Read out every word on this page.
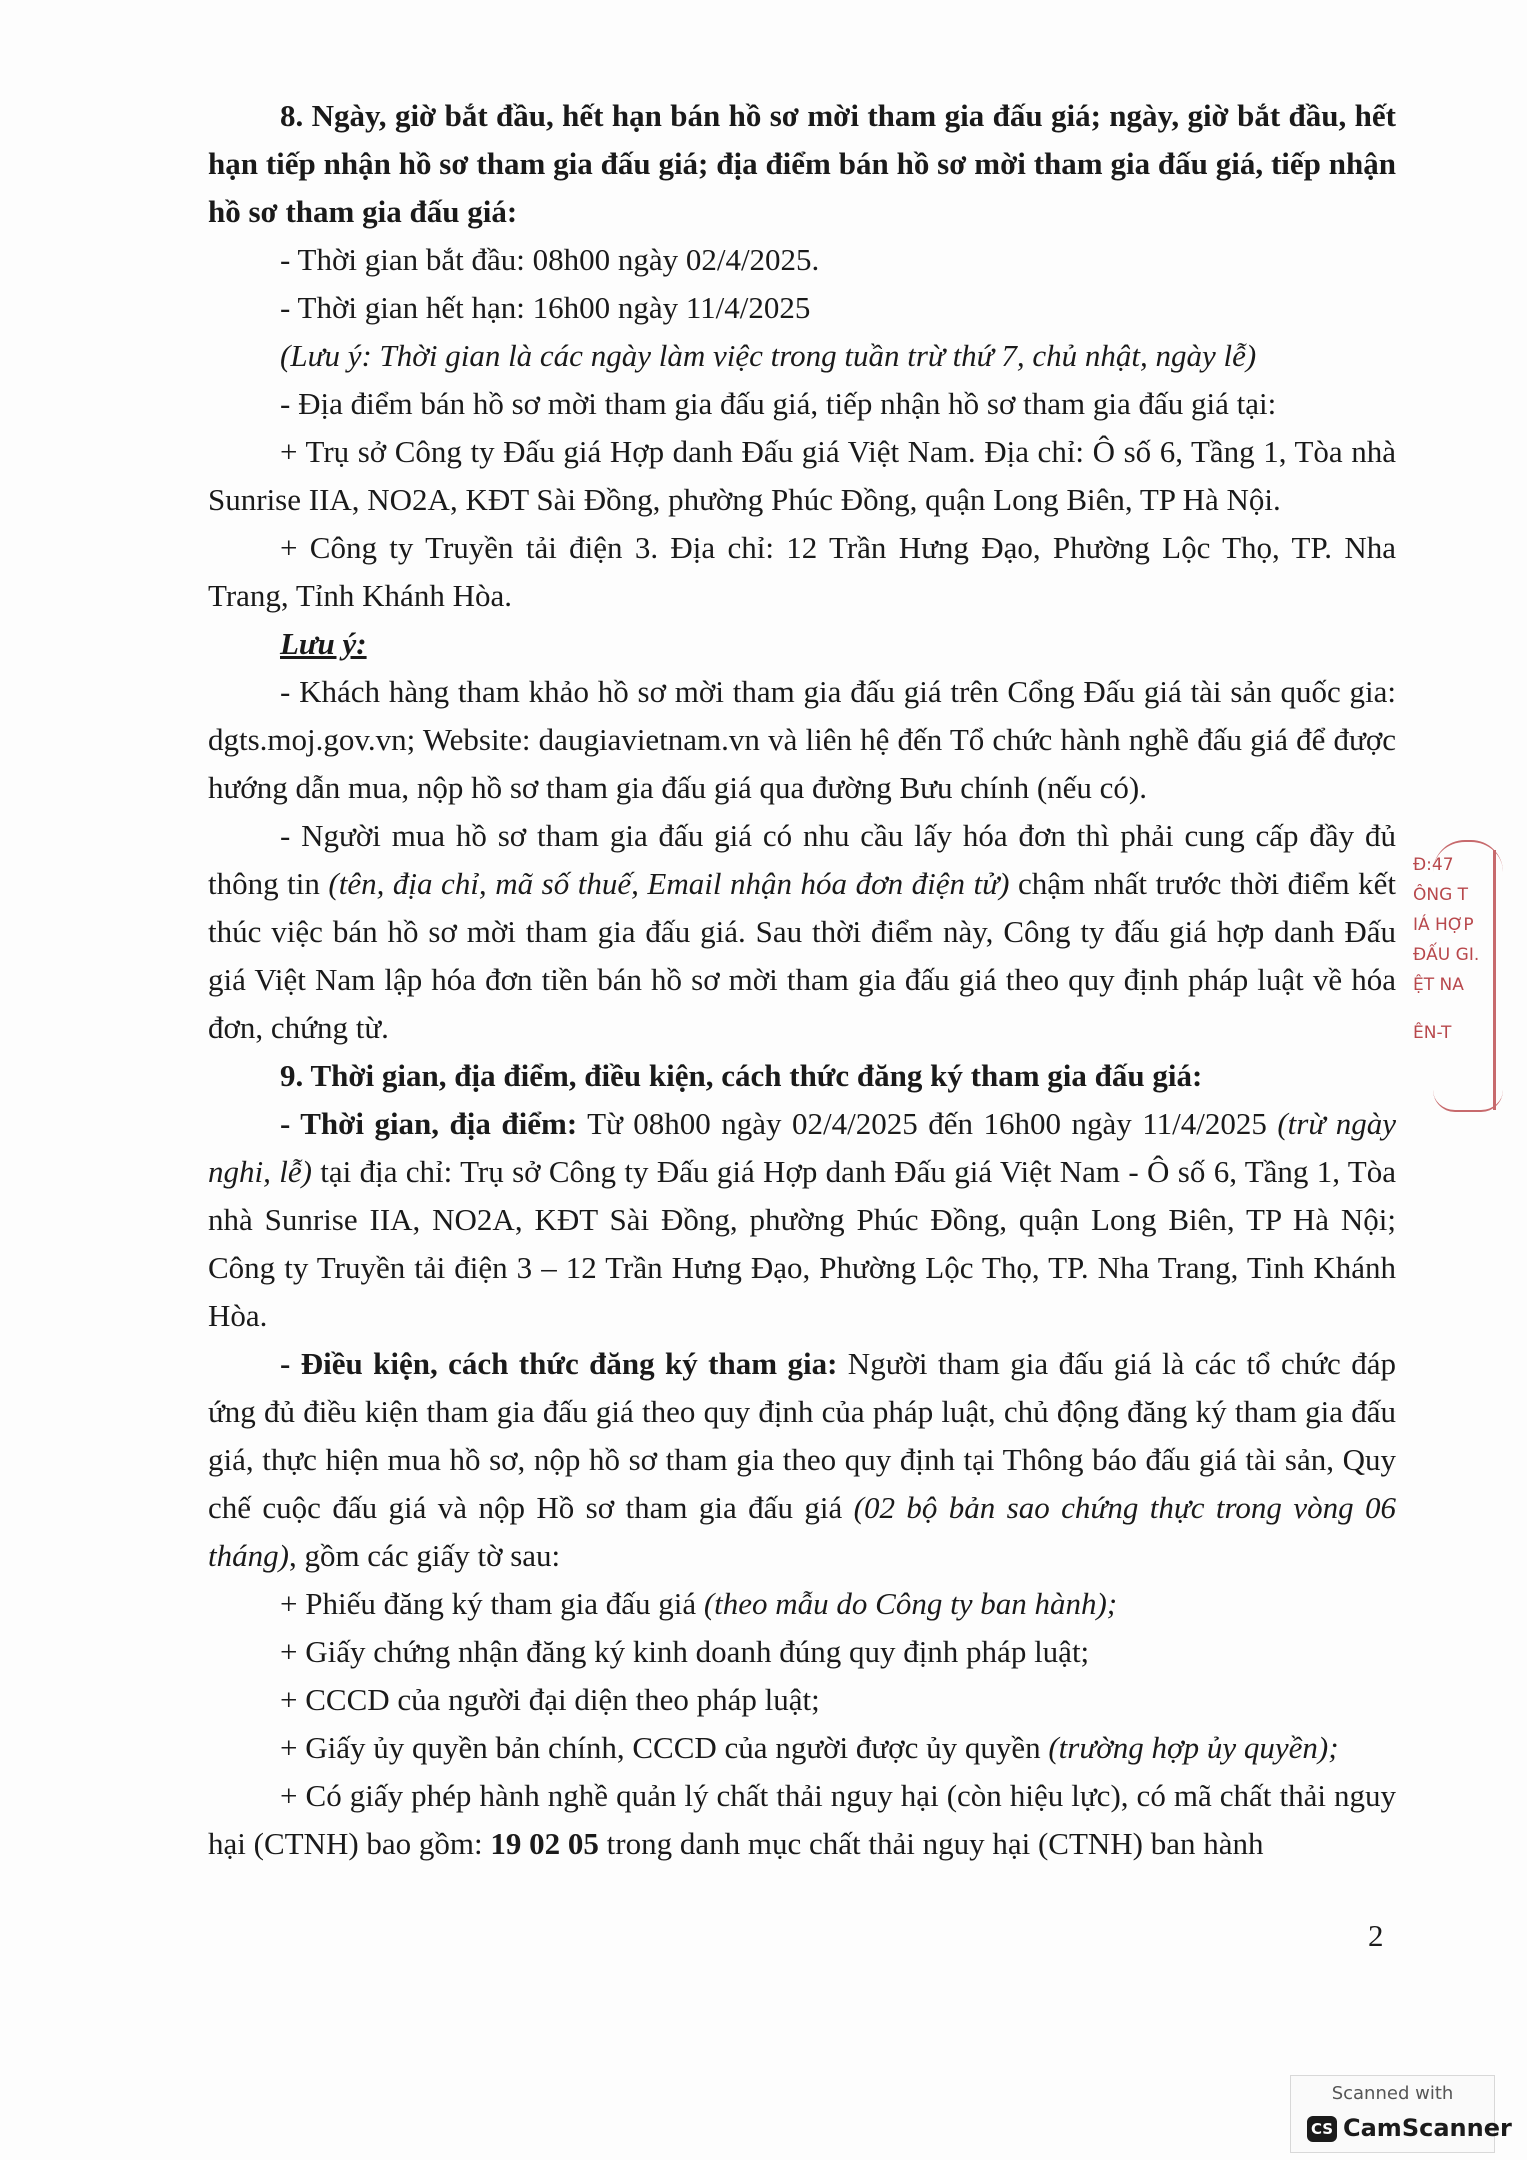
8. Ngày, giờ bắt đầu, hết hạn bán hồ sơ mời tham gia đấu giá; ngày, giờ bắt đầu, hết hạn tiếp nhận hồ sơ tham gia đấu giá; địa điểm bán hồ sơ mời tham gia đấu giá, tiếp nhận hồ sơ tham gia đấu giá:

- Thời gian bắt đầu: 08h00 ngày 02/4/2025.

- Thời gian hết hạn: 16h00 ngày 11/4/2025

(Lưu ý: Thời gian là các ngày làm việc trong tuần trừ thứ 7, chủ nhật, ngày lễ)

- Địa điểm bán hồ sơ mời tham gia đấu giá, tiếp nhận hồ sơ tham gia đấu giá tại:

+ Trụ sở Công ty Đấu giá Hợp danh Đấu giá Việt Nam. Địa chỉ: Ô số 6, Tầng 1, Tòa nhà Sunrise IIA, NO2A, KĐT Sài Đồng, phường Phúc Đồng, quận Long Biên, TP Hà Nội.

+ Công ty Truyền tải điện 3. Địa chỉ: 12 Trần Hưng Đạo, Phường Lộc Thọ, TP. Nha Trang, Tỉnh Khánh Hòa.

Lưu ý:

- Khách hàng tham khảo hồ sơ mời tham gia đấu giá trên Cổng Đấu giá tài sản quốc gia: dgts.moj.gov.vn; Website: daugiavietnam.vn và liên hệ đến Tổ chức hành nghề đấu giá để được hướng dẫn mua, nộp hồ sơ tham gia đấu giá qua đường Bưu chính (nếu có).

- Người mua hồ sơ tham gia đấu giá có nhu cầu lấy hóa đơn thì phải cung cấp đầy đủ thông tin (tên, địa chỉ, mã số thuế, Email nhận hóa đơn điện tử) chậm nhất trước thời điểm kết thúc việc bán hồ sơ mời tham gia đấu giá. Sau thời điểm này, Công ty đấu giá hợp danh Đấu giá Việt Nam lập hóa đơn tiền bán hồ sơ mời tham gia đấu giá theo quy định pháp luật về hóa đơn, chứng từ.

9. Thời gian, địa điểm, điều kiện, cách thức đăng ký tham gia đấu giá:

- Thời gian, địa điểm: Từ 08h00 ngày 02/4/2025 đến 16h00 ngày 11/4/2025 (trừ ngày nghi, lễ) tại địa chỉ: Trụ sở Công ty Đấu giá Hợp danh Đấu giá Việt Nam - Ô số 6, Tầng 1, Tòa nhà Sunrise IIA, NO2A, KĐT Sài Đồng, phường Phúc Đồng, quận Long Biên, TP Hà Nội; Công ty Truyền tải điện 3 – 12 Trần Hưng Đạo, Phường Lộc Thọ, TP. Nha Trang, Tinh Khánh Hòa.

- Điều kiện, cách thức đăng ký tham gia: Người tham gia đấu giá là các tổ chức đáp ứng đủ điều kiện tham gia đấu giá theo quy định của pháp luật, chủ động đăng ký tham gia đấu giá, thực hiện mua hồ sơ, nộp hồ sơ tham gia theo quy định tại Thông báo đấu giá tài sản, Quy chế cuộc đấu giá và nộp Hồ sơ tham gia đấu giá (02 bộ bản sao chứng thực trong vòng 06 tháng), gồm các giấy tờ sau:

+ Phiếu đăng ký tham gia đấu giá (theo mẫu do Công ty ban hành);

+ Giấy chứng nhận đăng ký kinh doanh đúng quy định pháp luật;

+ CCCD của người đại diện theo pháp luật;

+ Giấy ủy quyền bản chính, CCCD của người được ủy quyền (trường hợp ủy quyền);

+ Có giấy phép hành nghề quản lý chất thải nguy hại (còn hiệu lực), có mã chất thải nguy hại (CTNH) bao gồm: 19 02 05 trong danh mục chất thải nguy hại (CTNH) ban hành

2
Đ:47
ÔNG T
IÁ HỢP
ĐẤU GI.
ỆT NA
ÊN-T
Scanned with
CS CamScanner
